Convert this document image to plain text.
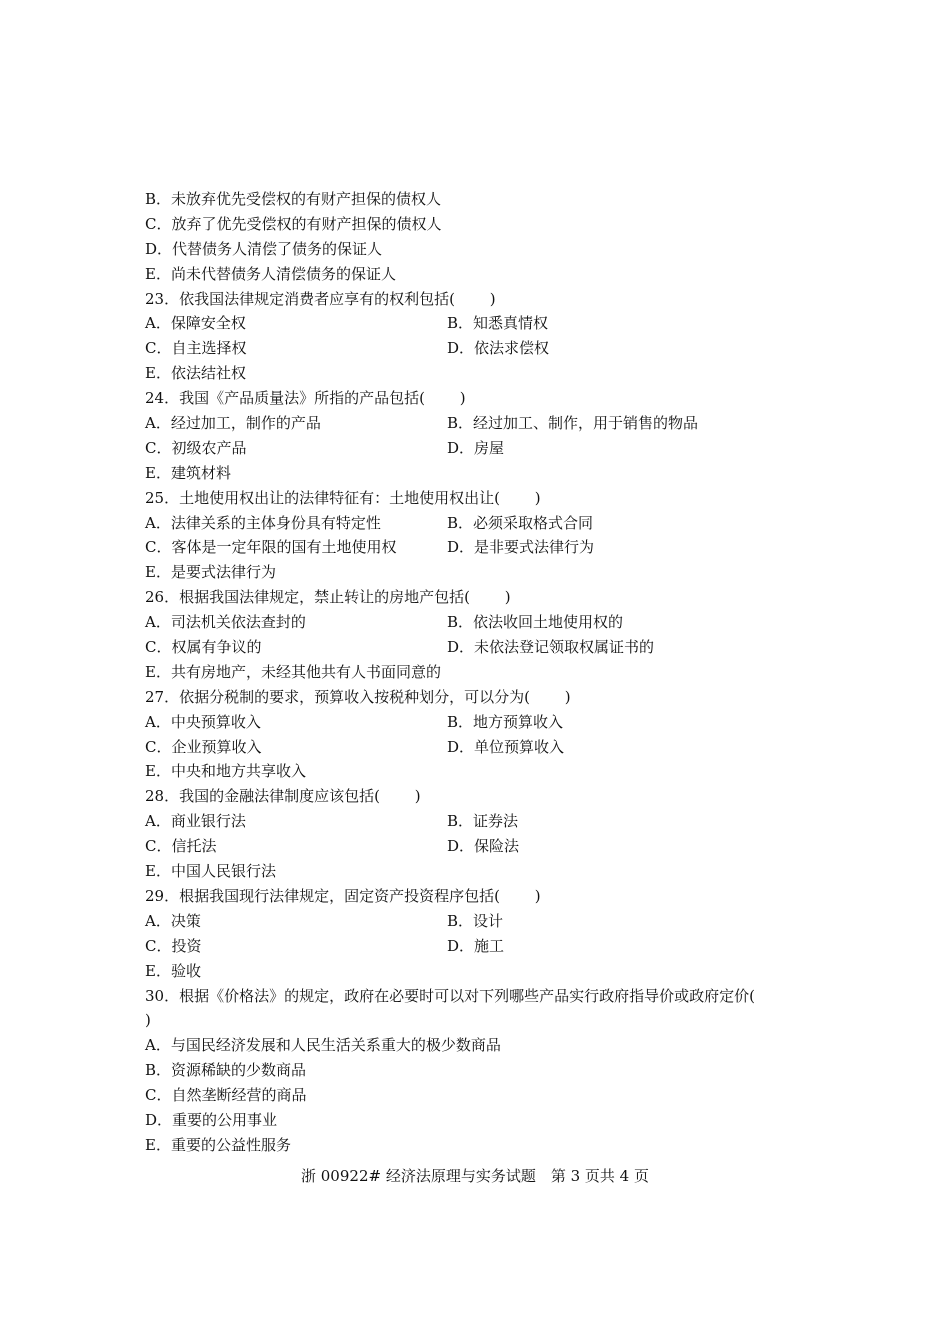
B．未放弃优先受偿权的有财产担保的债权人
C．放弃了优先受偿权的有财产担保的债权人
D．代替债务人清偿了债务的保证人
E．尚未代替债务人清偿债务的保证人
23．依我国法律规定消费者应享有的权利包括(　　 )
A．保障安全权	B．知悉真情权
C．自主选择权	D．依法求偿权
E．依法结社权
24．我国《产品质量法》所指的产品包括(　　 )
A．经过加工，制作的产品	B．经过加工、制作，用于销售的物品
C．初级农产品	D．房屋
E．建筑材料
25．土地使用权出让的法律特征有：土地使用权出让(　　 )
A．法律关系的主体身份具有特定性	B．必须采取格式合同
C．客体是一定年限的国有土地使用权	D．是非要式法律行为
E．是要式法律行为
26．根据我国法律规定，禁止转让的房地产包括(　　 )
A．司法机关依法查封的	B．依法收回土地使用权的
C．权属有争议的	D．未依法登记领取权属证书的
E．共有房地产，未经其他共有人书面同意的
27．依据分税制的要求，预算收入按税种划分，可以分为(　　 )
A．中央预算收入	B．地方预算收入
C．企业预算收入	D．单位预算收入
E．中央和地方共享收入
28．我国的金融法律制度应该包括(　　 )
A．商业银行法	B．证券法
C．信托法	D．保险法
E．中国人民银行法
29．根据我国现行法律规定，固定资产投资程序包括(　　 )
A．决策	B．设计
C．投资	D．施工
E．验收
30．根据《价格法》的规定，政府在必要时可以对下列哪些产品实行政府指导价或政府定价(
)
A．与国民经济发展和人民生活关系重大的极少数商品
B．资源稀缺的少数商品
C．自然垄断经营的商品
D．重要的公用事业
E．重要的公益性服务
浙 00922# 经济法原理与实务试题　第 3 页共 4 页
